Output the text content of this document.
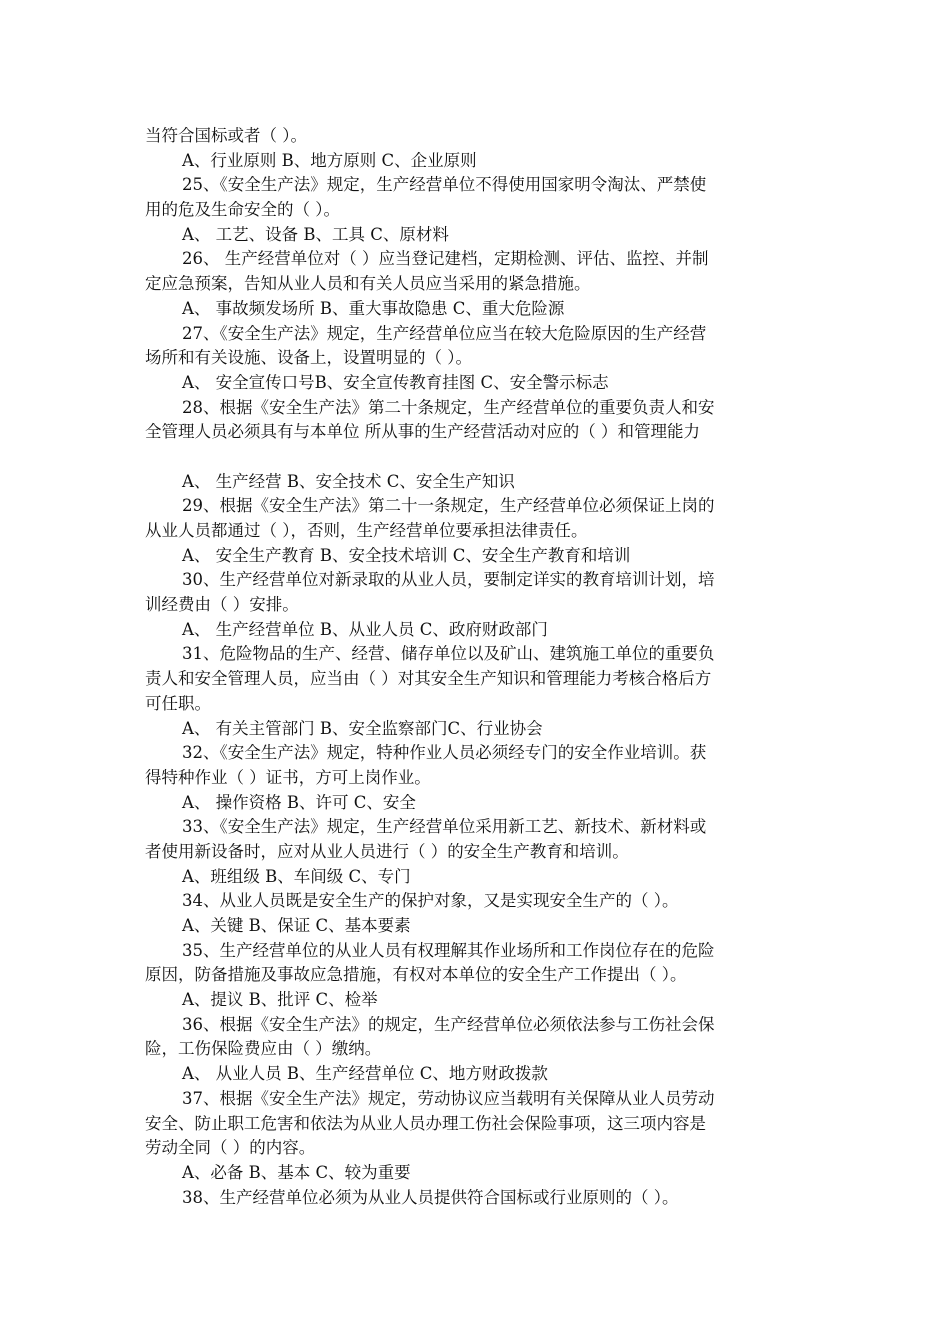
当符合国标或者（ ）。
A、行业原则 B、地方原则 C、企业原则
25、《安全生产法》规定，生产经营单位不得使用国家明令淘汰、严禁使
用的危及生命安全的（ ）。
A、 工艺、设备 B、工具 C、原材料
26、 生产经营单位对（ ）应当登记建档，定期检测、评估、监控、并制
定应急预案，告知从业人员和有关人员应当采用的紧急措施。
A、 事故频发场所 B、重大事故隐患 C、重大危险源
27、《安全生产法》规定，生产经营单位应当在较大危险原因的生产经营
场所和有关设施、设备上，设置明显的（ ）。
A、 安全宣传口号B、安全宣传教育挂图 C、安全警示标志
28、根据《安全生产法》第二十条规定，生产经营单位的重要负责人和安
全管理人员必须具有与本单位 所从事的生产经营活动对应的（ ）和管理能力
A、 生产经营 B、安全技术 C、安全生产知识
29、根据《安全生产法》第二十一条规定，生产经营单位必须保证上岗的
从业人员都通过（ ），否则，生产经营单位要承担法律责任。
A、 安全生产教育 B、安全技术培训 C、安全生产教育和培训
30、生产经营单位对新录取的从业人员，要制定详实的教育培训计划，培
训经费由（ ）安排。
A、 生产经营单位 B、从业人员 C、政府财政部门
31、危险物品的生产、经营、储存单位以及矿山、建筑施工单位的重要负
责人和安全管理人员，应当由（ ）对其安全生产知识和管理能力考核合格后方
可任职。
A、 有关主管部门 B、安全监察部门C、行业协会
32、《安全生产法》规定，特种作业人员必须经专门的安全作业培训。获
得特种作业（ ）证书，方可上岗作业。
A、 操作资格 B、许可 C、安全
33、《安全生产法》规定，生产经营单位采用新工艺、新技术、新材料或
者使用新设备时，应对从业人员进行（ ）的安全生产教育和培训。
A、班组级 B、车间级 C、专门
34、从业人员既是安全生产的保护对象，又是实现安全生产的（ ）。
A、关键 B、保证 C、基本要素
35、生产经营单位的从业人员有权理解其作业场所和工作岗位存在的危险
原因，防备措施及事故应急措施，有权对本单位的安全生产工作提出（ ）。
A、提议 B、批评 C、检举
36、根据《安全生产法》的规定，生产经营单位必须依法参与工伤社会保
险，工伤保险费应由（ ）缴纳。
A、 从业人员 B、生产经营单位 C、地方财政拨款
37、根据《安全生产法》规定，劳动协议应当载明有关保障从业人员劳动
安全、防止职工危害和依法为从业人员办理工伤社会保险事项，这三项内容是
劳动全同（ ）的内容。
A、必备 B、基本 C、较为重要
38、生产经营单位必须为从业人员提供符合国标或行业原则的（ ）。
